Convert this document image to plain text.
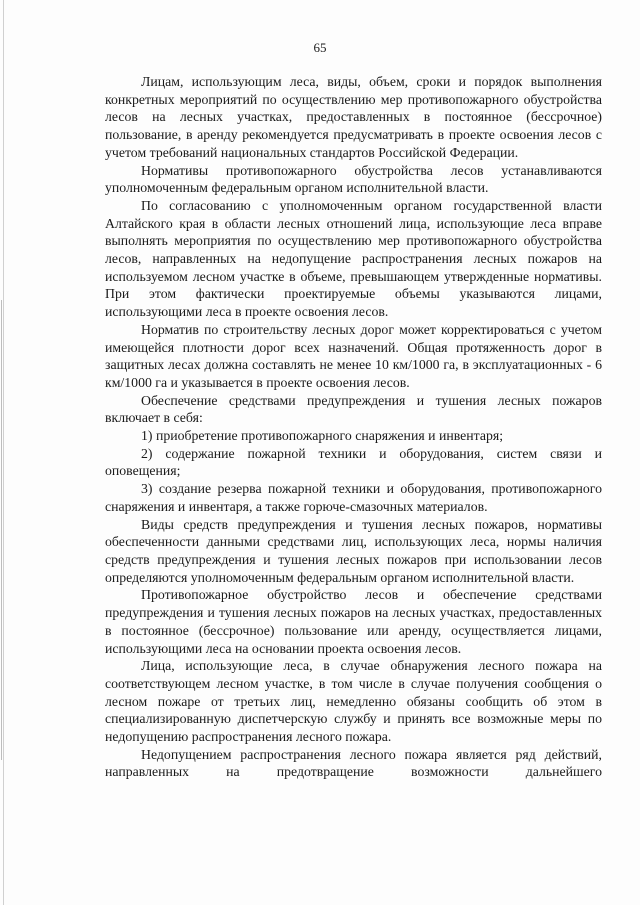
65

Лицам, использующим леса, виды, объем, сроки и порядок выполнения конкретных мероприятий по осуществлению мер противопожарного обустройства лесов на лесных участках, предоставленных в постоянное (бессрочное) пользование, в аренду рекомендуется предусматривать в проекте освоения лесов с учетом требований национальных стандартов Российской Федерации.

Нормативы противопожарного обустройства лесов устанавливаются уполномоченным федеральным органом исполнительной власти.

По согласованию с уполномоченным органом государственной власти Алтайского края в области лесных отношений лица, использующие леса вправе выполнять мероприятия по осуществлению мер противопожарного обустройства лесов, направленных на недопущение распространения лесных пожаров на используемом лесном участке в объеме, превышающем утвержденные нормативы. При этом фактически проектируемые объемы указываются лицами, использующими леса в проекте освоения лесов.

Норматив по строительству лесных дорог может корректироваться с учетом имеющейся плотности дорог всех назначений. Общая протяженность дорог в защитных лесах должна составлять не менее 10 км/1000 га, в эксплуатационных - 6 км/1000 га и указывается в проекте освоения лесов.

Обеспечение средствами предупреждения и тушения лесных пожаров включает в себя:

1) приобретение противопожарного снаряжения и инвентаря;

2) содержание пожарной техники и оборудования, систем связи и оповещения;

3) создание резерва пожарной техники и оборудования, противопожарного снаряжения и инвентаря, а также горюче-смазочных материалов.

Виды средств предупреждения и тушения лесных пожаров, нормативы обеспеченности данными средствами лиц, использующих леса, нормы наличия средств предупреждения и тушения лесных пожаров при использовании лесов определяются уполномоченным федеральным органом исполнительной власти.

Противопожарное обустройство лесов и обеспечение средствами предупреждения и тушения лесных пожаров на лесных участках, предоставленных в постоянное (бессрочное) пользование или аренду, осуществляется лицами, использующими леса на основании проекта освоения лесов.

Лица, использующие леса, в случае обнаружения лесного пожара на соответствующем лесном участке, в том числе в случае получения сообщения о лесном пожаре от третьих лиц, немедленно обязаны сообщить об этом в специализированную диспетчерскую службу и принять все возможные меры по недопущению распространения лесного пожара.

Недопущением распространения лесного пожара является ряд действий, направленных на предотвращение возможности дальнейшего
